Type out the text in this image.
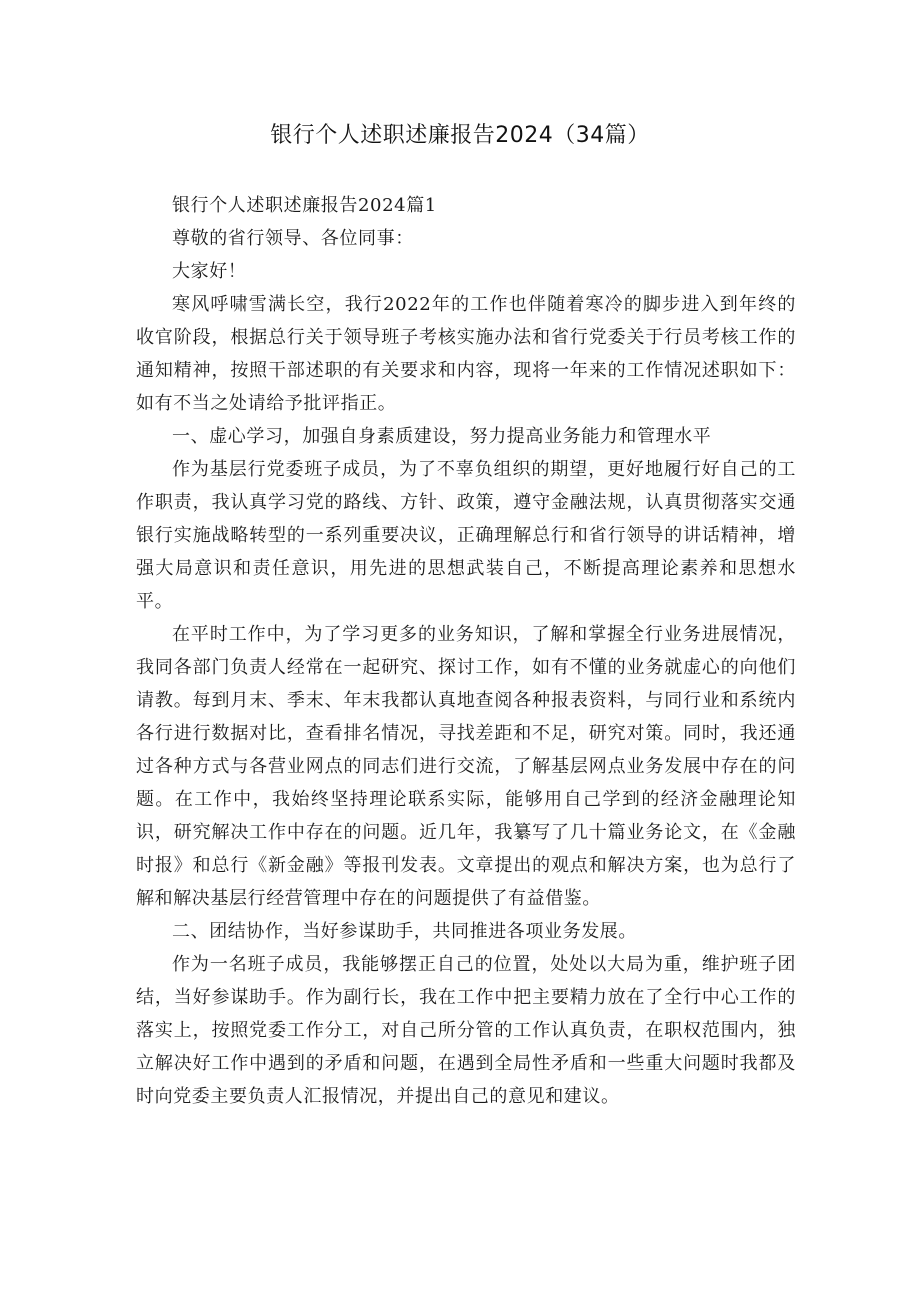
银行个人述职述廉报告2024（34篇）

银行个人述职述廉报告2024篇1

尊敬的省行领导、各位同事：

大家好！

寒风呼啸雪满长空，我行2022年的工作也伴随着寒冷的脚步进入到年终的收官阶段，根据总行关于领导班子考核实施办法和省行党委关于行员考核工作的通知精神，按照干部述职的有关要求和内容，现将一年来的工作情况述职如下：如有不当之处请给予批评指正。

一、虚心学习，加强自身素质建设，努力提高业务能力和管理水平

作为基层行党委班子成员，为了不辜负组织的期望，更好地履行好自己的工作职责，我认真学习党的路线、方针、政策，遵守金融法规，认真贯彻落实交通银行实施战略转型的一系列重要决议，正确理解总行和省行领导的讲话精神，增强大局意识和责任意识，用先进的思想武装自己，不断提高理论素养和思想水平。

在平时工作中，为了学习更多的业务知识，了解和掌握全行业务进展情况，我同各部门负责人经常在一起研究、探讨工作，如有不懂的业务就虚心的向他们请教。每到月末、季末、年末我都认真地查阅各种报表资料，与同行业和系统内各行进行数据对比，查看排名情况，寻找差距和不足，研究对策。同时，我还通过各种方式与各营业网点的同志们进行交流，了解基层网点业务发展中存在的问题。在工作中，我始终坚持理论联系实际，能够用自己学到的经济金融理论知识，研究解决工作中存在的问题。近几年，我纂写了几十篇业务论文，在《金融时报》和总行《新金融》等报刊发表。文章提出的观点和解决方案，也为总行了解和解决基层行经营管理中存在的问题提供了有益借鉴。

二、团结协作，当好参谋助手，共同推进各项业务发展。

作为一名班子成员，我能够摆正自己的位置，处处以大局为重，维护班子团结，当好参谋助手。作为副行长，我在工作中把主要精力放在了全行中心工作的落实上，按照党委工作分工，对自己所分管的工作认真负责，在职权范围内，独立解决好工作中遇到的矛盾和问题，在遇到全局性矛盾和一些重大问题时我都及时向党委主要负责人汇报情况，并提出自己的意见和建议。
